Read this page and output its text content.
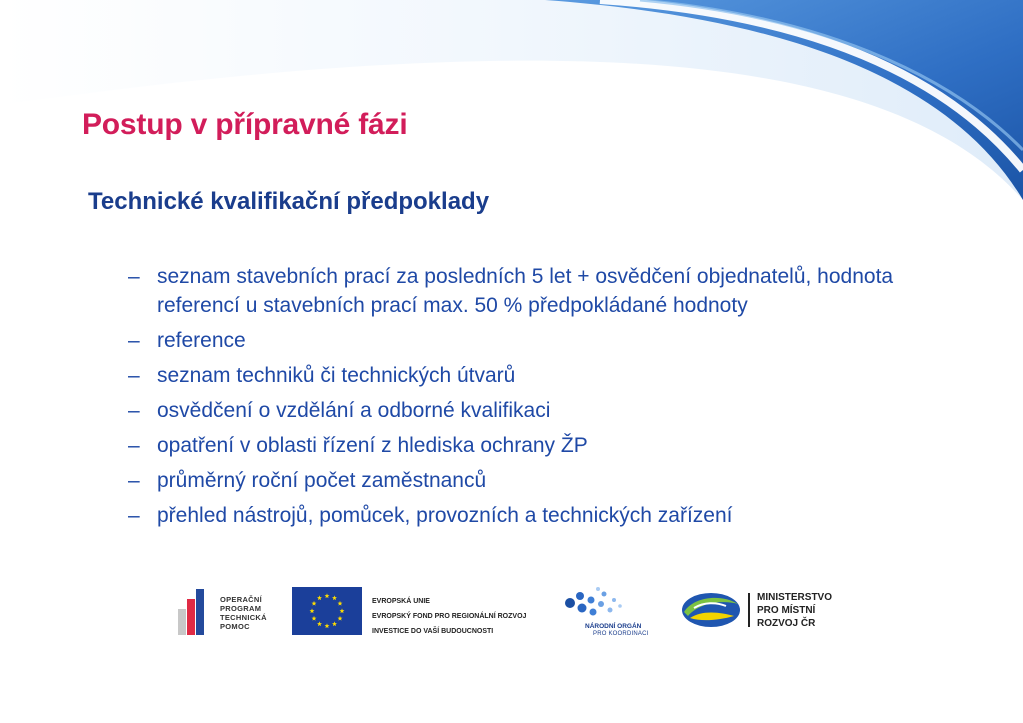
Postup v přípravné fázi
Technické kvalifikační předpoklady
– seznam stavebních prací za posledních 5 let + osvědčení objednatelů, hodnota referencí u stavebních prací max. 50 % předpokládané hodnoty
– reference
– seznam techniků či technických útvarů
– osvědčení o vzdělání a odborné kvalifikaci
– opatření v oblasti řízení z hlediska ochrany ŽP
– průměrný roční počet zaměstnanců
– přehled nástrojů, pomůcek, provozních a technických zařízení
OPERAČNÍ
PROGRAM
TECHNICKÁ
POMOC
EVROPSKÁ UNIE
EVROPSKÝ FOND PRO REGIONÁLNÍ ROZVOJ
INVESTICE DO VAŠÍ BUDOUCNOSTI
NÁRODNÍ ORGÁN
PRO KOORDINACI
MINISTERSTVO
PRO MÍSTNÍ
ROZVOJ ČR
